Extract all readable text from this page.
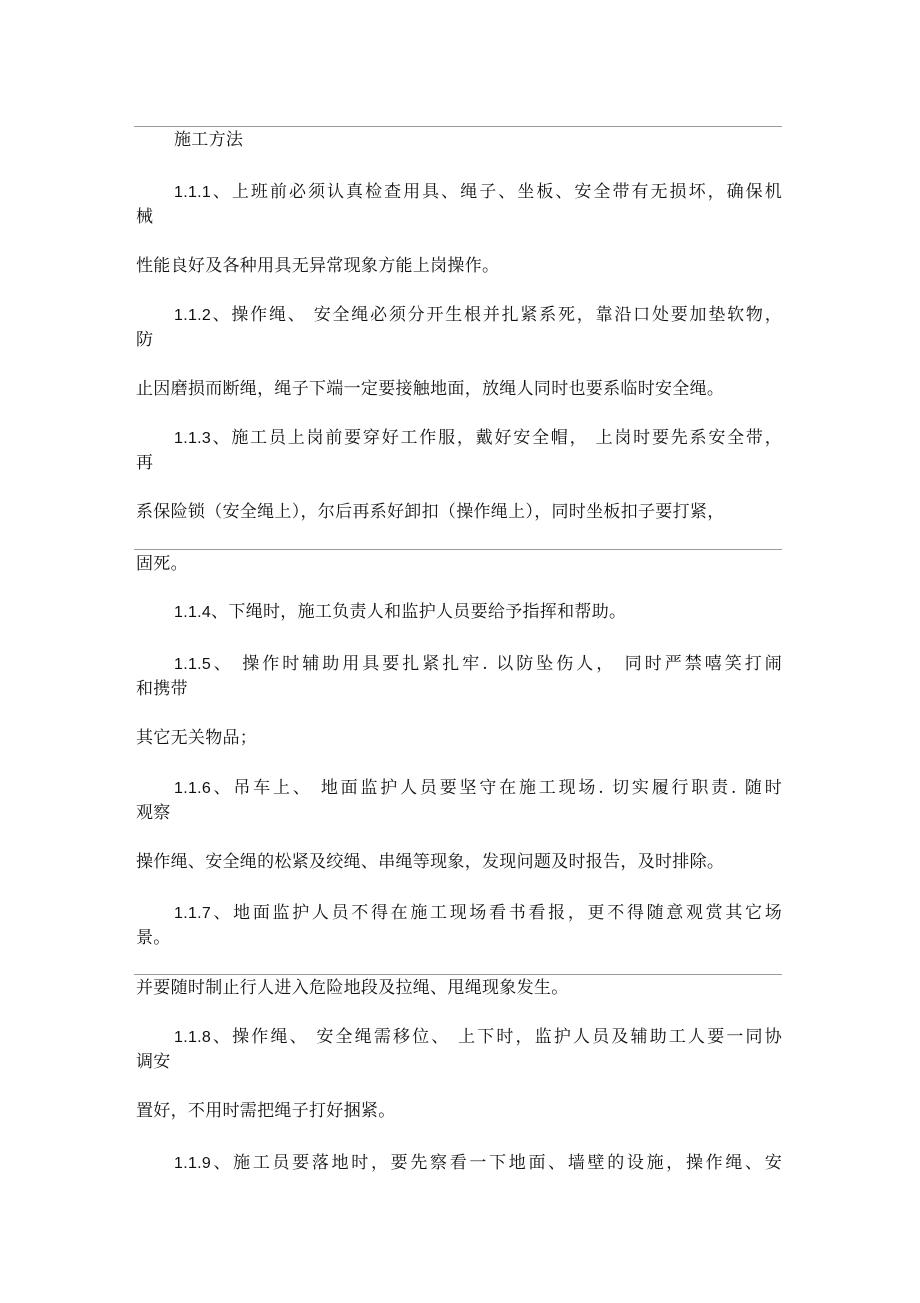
施工方法
1.1.1、上班前必须认真检查用具、绳子、坐板、安全带有无损坏，确保机
械
性能良好及各种用具无异常现象方能上岗操作。
1.1.2、操作绳、 安全绳必须分开生根并扎紧系死，靠沿口处要加垫软物，
防
止因磨损而断绳，绳子下端一定要接触地面，放绳人同时也要系临时安全绳。
1.1.3、施工员上岗前要穿好工作服，戴好安全帽， 上岗时要先系安全带，
再
系保险锁（安全绳上），尔后再系好卸扣（操作绳上），同时坐板扣子要打紧，
固死。
1.1.4、下绳时，施工负责人和监护人员要给予指挥和帮助。
1.1.5、 操作时辅助用具要扎紧扎牢. 以防坠伤人， 同时严禁嘻笑打闹
和携带
其它无关物品；
1.1.6、吊车上、 地面监护人员要坚守在施工现场. 切实履行职责. 随时
观察
操作绳、安全绳的松紧及绞绳、串绳等现象，发现问题及时报告，及时排除。
1.1.7、地面监护人员不得在施工现场看书看报，更不得随意观赏其它场
景。
并要随时制止行人进入危险地段及拉绳、甩绳现象发生。
1.1.8、操作绳、 安全绳需移位、 上下时，监护人员及辅助工人要一同协
调安
置好，不用时需把绳子打好捆紧。
1.1.9、施工员要落地时，要先察看一下地面、墙壁的设施，操作绳、安
